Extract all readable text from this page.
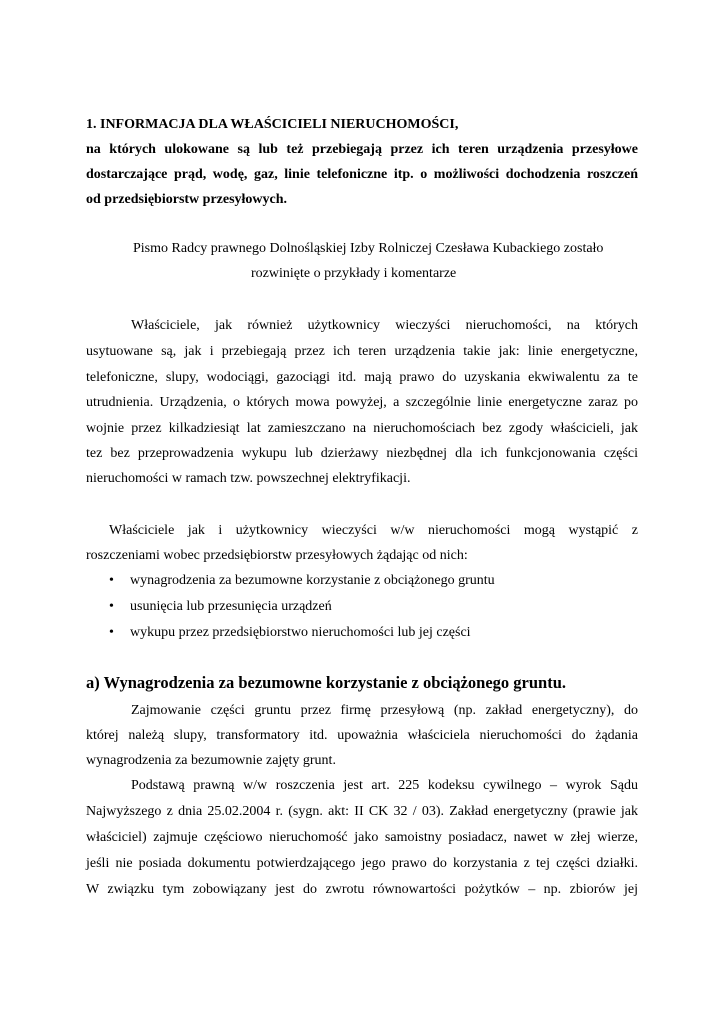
1. INFORMACJA DLA WŁAŚCICIELI NIERUCHOMOŚCI,
na których ulokowane są lub też przebiegają przez ich teren urządzenia przesyłowe
dostarczające prąd, wodę, gaz, linie telefoniczne itp. o możliwości dochodzenia roszczeń
od przedsiębiorstw przesyłowych.
Pismo Radcy prawnego Dolnośląskiej Izby Rolniczej Czesława Kubackiego zostało
rozwinięte o przykłady i komentarze
Właściciele, jak również użytkownicy wieczyści nieruchomości, na których
usytuowane są, jak i przebiegają przez ich teren urządzenia takie jak: linie energetyczne,
telefoniczne, slupy, wodociągi, gazociągi itd. mają prawo do uzyskania ekwiwalentu za te
utrudnienia. Urządzenia, o których mowa powyżej, a szczególnie linie energetyczne zaraz po
wojnie przez kilkadziesiąt lat zamieszczano na nieruchomościach bez zgody właścicieli, jak
tez bez przeprowadzenia wykupu lub dzierżawy niezbędnej dla ich funkcjonowania części
nieruchomości w ramach tzw. powszechnej elektryfikacji.
Właściciele jak i użytkownicy wieczyści w/w nieruchomości mogą wystąpić z
roszczeniami wobec przedsiębiorstw przesyłowych żądając od nich:
• wynagrodzenia za bezumowne korzystanie z obciążonego gruntu
• usunięcia lub przesunięcia urządzeń
• wykupu przez przedsiębiorstwo nieruchomości lub jej części
a) Wynagrodzenia za bezumowne korzystanie z obciążonego gruntu.
Zajmowanie części gruntu przez firmę przesyłową (np. zakład energetyczny), do
której należą slupy, transformatory itd. upoważnia właściciela nieruchomości do żądania
wynagrodzenia za bezumownie zajęty grunt.
Podstawą prawną w/w roszczenia jest art. 225 kodeksu cywilnego – wyrok Sądu
Najwyższego z dnia 25.02.2004 r. (sygn. akt: II CK 32 / 03). Zakład energetyczny (prawie jak
właściciel) zajmuje częściowo nieruchomość jako samoistny posiadacz, nawet w złej wierze,
jeśli nie posiada dokumentu potwierdzającego jego prawo do korzystania z tej części działki.
W związku tym zobowiązany jest do zwrotu równowartości pożytków – np. zbiorów jej
